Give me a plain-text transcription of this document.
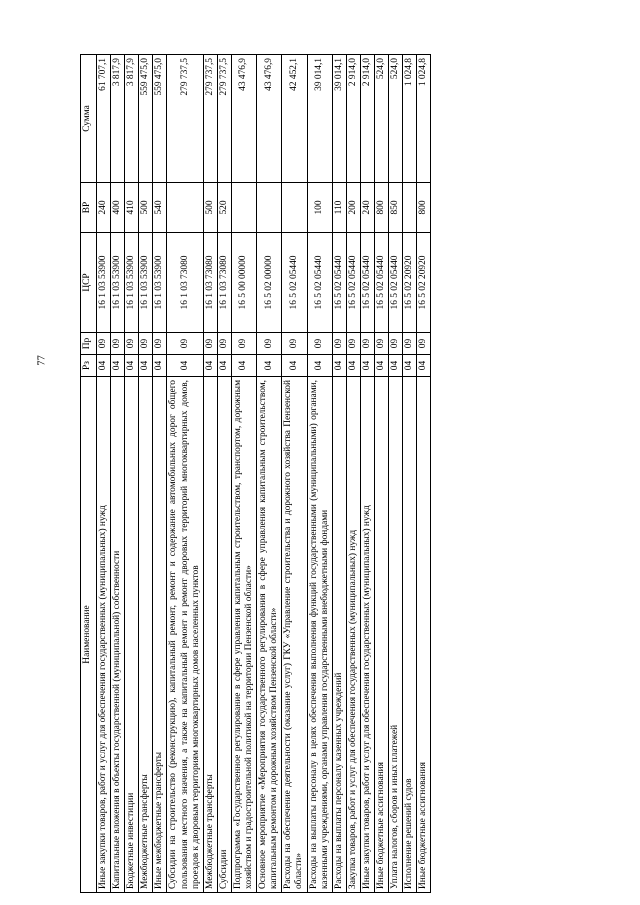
77
Наименование	Рз	Пр	ЦСР	ВР	Сумма
Иные закупки товаров, работ и услуг для обеспечения государственных (муниципальных) нужд	04	09	16 1 03 53900	240	61 707,1
Капитальные вложения в объекты государственной (муниципальной) собственности	04	09	16 1 03 53900	400	3 817,9
Бюджетные инвестиции	04	09	16 1 03 53900	410	3 817,9
Межбюджетные трансферты	04	09	16 1 03 53900	500	559 475,0
Иные межбюджетные трансферты	04	09	16 1 03 53900	540	559 475,0
Субсидии на строительство (реконструкцию), капитальный ремонт, ремонт и содержание автомобильных дорог общего пользования местного значения, а также на капитальный ремонт и ремонт дворовых территорий многоквартирных домов, проездов к дворовым территориям многоквартирных домов населенных пунктов	04	09	16 1 03 73080		279 737,5
Межбюджетные трансферты	04	09	16 1 03 73080	500	279 737,5
Субсидии	04	09	16 1 03 73080	520	279 737,5
Подпрограмма «Государственное регулирование в сфере управления капитальным строительством, транспортом, дорожным хозяйством и градостроительной политикой на территории Пензенской области»	04	09	16 5 00 00000		43 476,9
Основное мероприятие «Мероприятия государственного регулирования в сфере управления капитальным строительством, капитальным ремонтом и дорожным хозяйством Пензенской области»	04	09	16 5 02 00000		43 476,9
Расходы на обеспечение деятельности (оказание услуг) ГКУ «Управление строительства и дорожного хозяйства Пензенской области»	04	09	16 5 02 05440		42 452,1
Расходы на выплаты персоналу в целях обеспечения выполнения функций государственными (муниципальными) органами, казенными учреждениями, органами управления государственными внебюджетными фондами	04	09	16 5 02 05440	100	39 014,1
Расходы на выплаты персоналу казенных учреждений	04	09	16 5 02 05440	110	39 014,1
Закупка товаров, работ и услуг для обеспечения государственных (муниципальных) нужд	04	09	16 5 02 05440	200	2 914,0
Иные закупки товаров, работ и услуг для обеспечения государственных (муниципальных) нужд	04	09	16 5 02 05440	240	2 914,0
Иные бюджетные ассигнования	04	09	16 5 02 05440	800	524,0
Уплата налогов, сборов и иных платежей	04	09	16 5 02 05440	850	524,0
Исполнение решений судов	04	09	16 5 02 20920		1 024,8
Иные бюджетные ассигнования	04	09	16 5 02 20920	800	1 024,8
